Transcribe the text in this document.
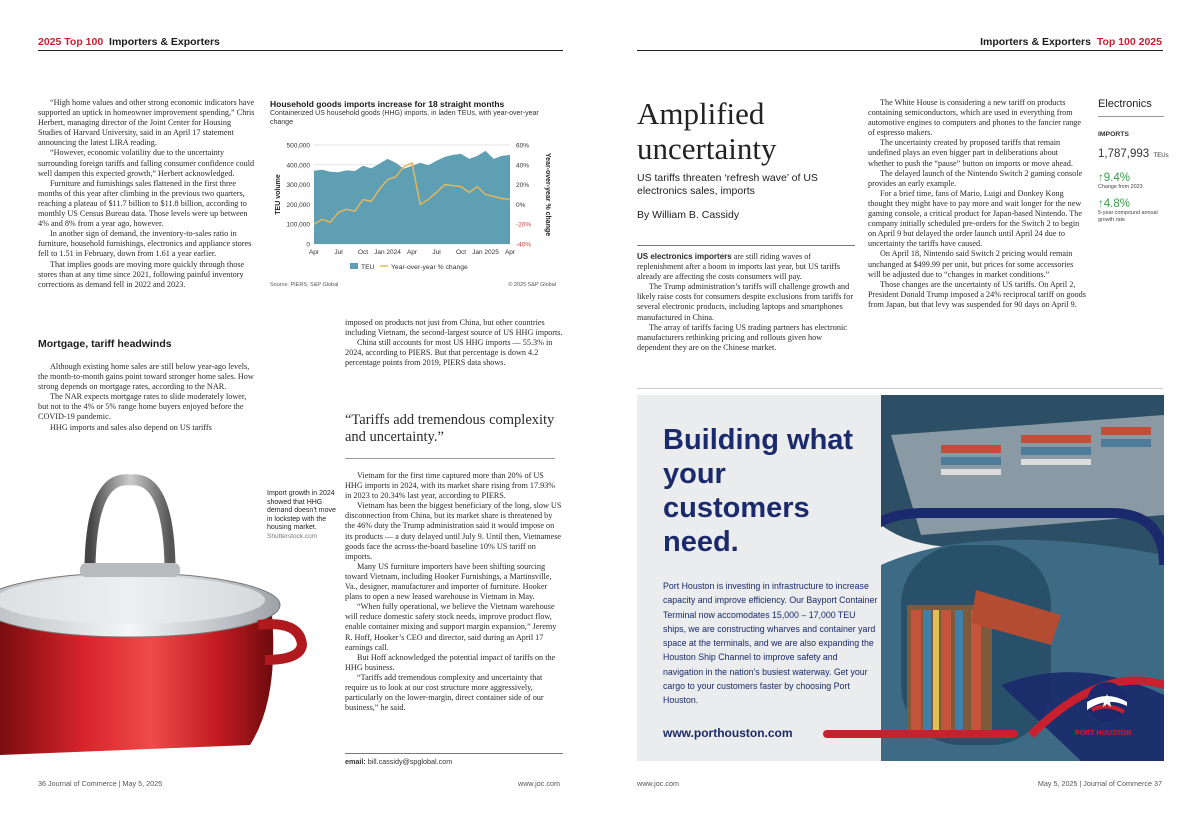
2025 Top 100 Importers & Exporters

“High home values and other strong economic indicators have supported an uptick in homeowner improvement spending,” Chris Herbert, managing director of the Joint Center for Housing Studies of Harvard University, said in an April 17 statement announcing the latest LIRA reading.

“However, economic volatility due to the uncertainty surrounding foreign tariffs and falling consumer confidence could well dampen this expected growth,” Herbert acknowledged.

Furniture and furnishings sales flattened in the first three months of this year after climbing in the previous two quarters, reaching a plateau of $11.7 billion to $11.8 billion, according to monthly US Census Bureau data. Those levels were up between 4% and 8% from a year ago, however.

In another sign of demand, the inventory-to-sales ratio in furniture, household furnishings, electronics and appliance stores fell to 1.51 in February, down from 1.61 a year earlier.

That implies goods are moving more quickly through those stores than at any time since 2021, following painful inventory corrections as demand fell in 2022 and 2023.

Mortgage, tariff headwinds

Although existing home sales are still below year-ago levels, the month-to-month gains point toward stronger home sales. How strong depends on mortgage rates, according to the NAR.

The NAR expects mortgage rates to slide moderately lower, but not to the 4% or 5% range home buyers enjoyed before the COVID-19 pandemic.

HHG imports and sales also depend on US tariffs

Household goods imports increase for 18 straight months
Containerized US household goods (HHG) imports, in laden TEUs, with year-over-year change
500,000
400,000
300,000
200,000
100,000
0
60%
40%
20%
0%
-20%
-40%
Apr Jul Oct Jan 2024 Apr Jul Oct Jan 2025 Apr
TEU volume	Year-over-year % change
TEU Year-over-year % change
Source: PIERS, S&P Global	© 2025 S&P Global

imposed on products not just from China, but other countries including Vietnam, the second-largest source of US HHG imports.

China still accounts for most US HHG imports — 55.3% in 2024, according to PIERS. But that percentage is down 4.2 percentage points from 2019, PIERS data shows.

“Tariffs add tremendous complexity and uncertainty.”

Vietnam for the first time captured more than 20% of US HHG imports in 2024, with its market share rising from 17.93% in 2023 to 20.34% last year, according to PIERS.

Vietnam has been the biggest beneficiary of the long, slow US disconnection from China, but its market share is threatened by the 46% duty the Trump administration said it would impose on its products — a duty delayed until July 9. Until then, Vietnamese goods face the across-the-board baseline 10% US tariff on imports.

Many US furniture importers have been shifting sourcing toward Vietnam, including Hooker Furnishings, a Martinsville, Va., designer, manufacturer and importer of furniture. Hooker plans to open a new leased warehouse in Vietnam in May.

“When fully operational, we believe the Vietnam warehouse will reduce domestic safety stock needs, improve product flow, enable container mixing and support margin expansion,” Jeremy R. Hoff, Hooker’s CEO and director, said during an April 17 earnings call.

But Hoff acknowledged the potential impact of tariffs on the HHG business.

“Tariffs add tremendous complexity and uncertainty that require us to look at our cost structure more aggressively, particularly on the lower-margin, direct container side of our business,” he said.

email: bill.cassidy@spglobal.com
Import growth in 2024 showed that HHG demand doesn’t move in lockstep with the housing market.
Shutterstock.com
36 Journal of Commerce | May 5, 2025	www.joc.com
Importers & Exporters Top 100 2025
Amplified uncertainty
US tariffs threaten ‘refresh wave’ of US electronics sales, imports
By William B. Cassidy

US electronics importers are still riding waves of replenishment after a boom in imports last year, but US tariffs already are affecting the costs consumers will pay.

The Trump administration’s tariffs will challenge growth and likely raise costs for consumers despite exclusions from tariffs for several electronic products, including laptops and smartphones manufactured in China.

The array of tariffs facing US trading partners has electronic manufacturers rethinking pricing and rollouts given how dependent they are on the Chinese market.

The White House is considering a new tariff on products containing semiconductors, which are used in everything from automotive engines to computers and phones to the fancier range of espresso makers.

The uncertainty created by proposed tariffs that remain undefined plays an even bigger part in deliberations about whether to push the “pause” button on imports or move ahead.

The delayed launch of the Nintendo Switch 2 gaming console provides an early example.

For a brief time, fans of Mario, Luigi and Donkey Kong thought they might have to pay more and wait longer for the new gaming console, a critical product for Japan-based Nintendo. The company initially scheduled pre-orders for the Switch 2 to begin on April 9 but delayed the order launch until April 24 due to uncertainty the tariffs have caused.

On April 18, Nintendo said Switch 2 pricing would remain unchanged at $499.99 per unit, but prices for some accessories will be adjusted due to “changes in market conditions.”

Those changes are the uncertainty of US tariffs. On April 2, President Donald Trump imposed a 24% reciprocal tariff on goods from Japan, but that levy was suspended for 90 days on April 9.

Electronics
IMPORTS
1,787,993 TEUs
↑9.4%
Change from 2023
↑4.8%
5-year compound annual growth rate
Building what your customers need.
Port Houston is investing in infrastructure to increase capacity and improve efficiency. Our Bayport Container Terminal now accomodates 15,000 – 17,000 TEU ships, we are constructing wharves and container yard space at the terminals, and we are also expanding the Houston Ship Channel to improve safety and navigation in the nation’s busiest waterway. Get your cargo to your customers faster by choosing Port Houston.
www.porthouston.com	PORT HOUSTON
www.joc.com	May 5, 2025 | Journal of Commerce 37
